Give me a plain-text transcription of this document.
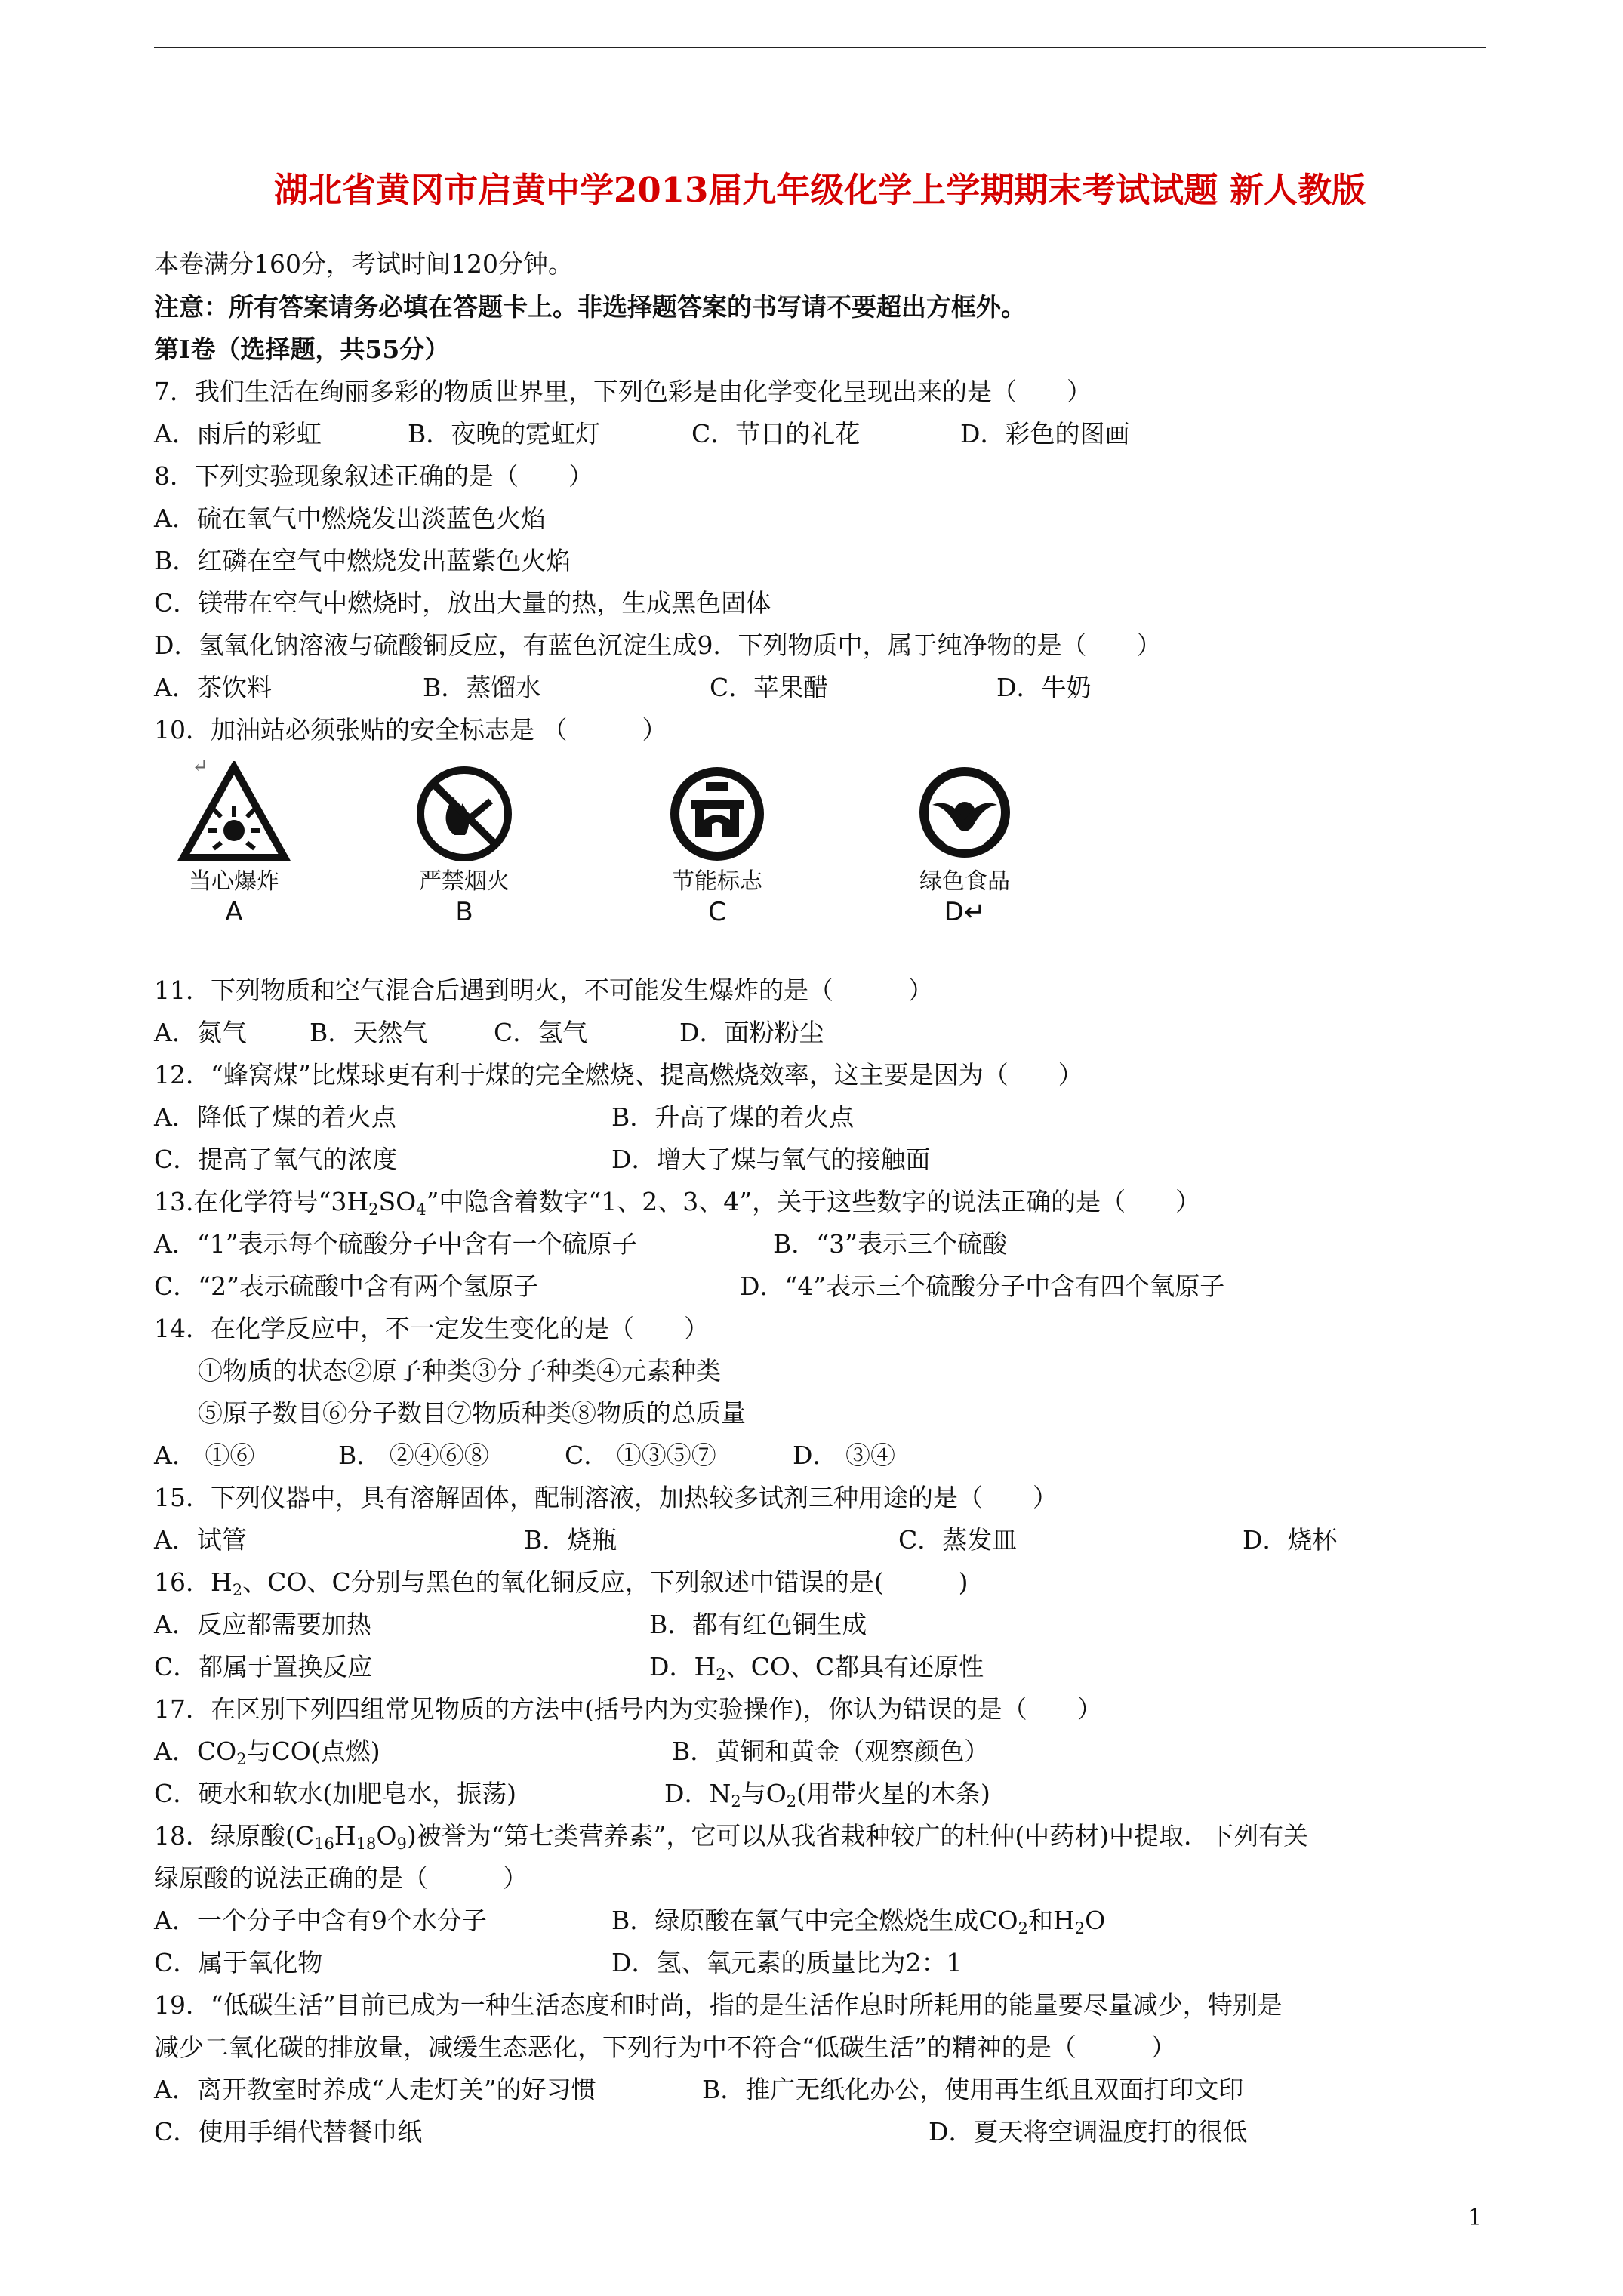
湖北省黄冈市启黄中学2013届九年级化学上学期期末考试试题 新人教版
本卷满分160分，考试时间120分钟。
注意：所有答案请务必填在答题卡上。非选择题答案的书写请不要超出方框外。
第Ⅰ卷（选择题，共55分）
7．我们生活在绚丽多彩的物质世界里，下列色彩是由化学变化呈现出来的是（　　）
A．雨后的彩虹	B．夜晚的霓虹灯	C．节日的礼花	D．彩色的图画
8．下列实验现象叙述正确的是（　　）
A．硫在氧气中燃烧发出淡蓝色火焰
B．红磷在空气中燃烧发出蓝紫色火焰
C．镁带在空气中燃烧时，放出大量的热，生成黑色固体
D．氢氧化钠溶液与硫酸铜反应，有蓝色沉淀生成9．下列物质中，属于纯净物的是（　　）
A．茶饮料	B．蒸馏水	C．苹果醋	D．牛奶
10．加油站必须张贴的安全标志是 （　　　）
↵
当心爆炸
A
严禁烟火
B
节能标志
C
绿色食品
D↵
11．下列物质和空气混合后遇到明火，不可能发生爆炸的是（　　　）
A．氮气	B．天然气	C．氢气	D．面粉粉尘
12．“蜂窝煤”比煤球更有利于煤的完全燃烧、提高燃烧效率，这主要是因为（　　）
A．降低了煤的着火点	B．升高了煤的着火点
C．提高了氧气的浓度	D．增大了煤与氧气的接触面
13.在化学符号“$3H_2SO_4$”中隐含着数字“1、2、3、4”，关于这些数字的说法正确的是（　　）
A．“1”表示每个硫酸分子中含有一个硫原子	B．“3”表示三个硫酸
C．“2”表示硫酸中含有两个氢原子	D．“4”表示三个硫酸分子中含有四个氧原子
14．在化学反应中，不一定发生变化的是（　　）
①物质的状态②原子种类③分子种类④元素种类
⑤原子数目⑥分子数目⑦物质种类⑧物质的总质量
A． ①⑥	B． ②④⑥⑧	C． ①③⑤⑦	D． ③④
15．下列仪器中，具有溶解固体，配制溶液，加热较多试剂三种用途的是（　　）
A．试管	B．烧瓶	C．蒸发皿	D．烧杯
16．$H_2$、CO、C分别与黑色的氧化铜反应，下列叙述中错误的是(　　　)
A．反应都需要加热	B．都有红色铜生成
C．都属于置换反应	D．$H_2$、CO、C都具有还原性
17．在区别下列四组常见物质的方法中(括号内为实验操作)，你认为错误的是（　　）
A．$CO_2$与CO(点燃)	B．黄铜和黄金（观察颜色）
C．硬水和软水(加肥皂水，振荡)	D．$N_2$与$O_2$(用带火星的木条)
18．绿原酸$(C_{16}H_{18}O_9)$被誉为“第七类营养素”，它可以从我省栽种较广的杜仲(中药材)中提取．下列有关
绿原酸的说法正确的是（　　　）
A．一个分子中含有9个水分子	B．绿原酸在氧气中完全燃烧生成$CO_2$和$H_2O$
C．属于氧化物	D．氢、氧元素的质量比为2：1
19．“低碳生活”目前已成为一种生活态度和时尚，指的是生活作息时所耗用的能量要尽量减少，特别是
减少二氧化碳的排放量，减缓生态恶化，下列行为中不符合“低碳生活”的精神的是（　　　）
A．离开教室时养成“人走灯关”的好习惯	B．推广无纸化办公，使用再生纸且双面打印文印
C．使用手绢代替餐巾纸	D．夏天将空调温度打的很低
1
